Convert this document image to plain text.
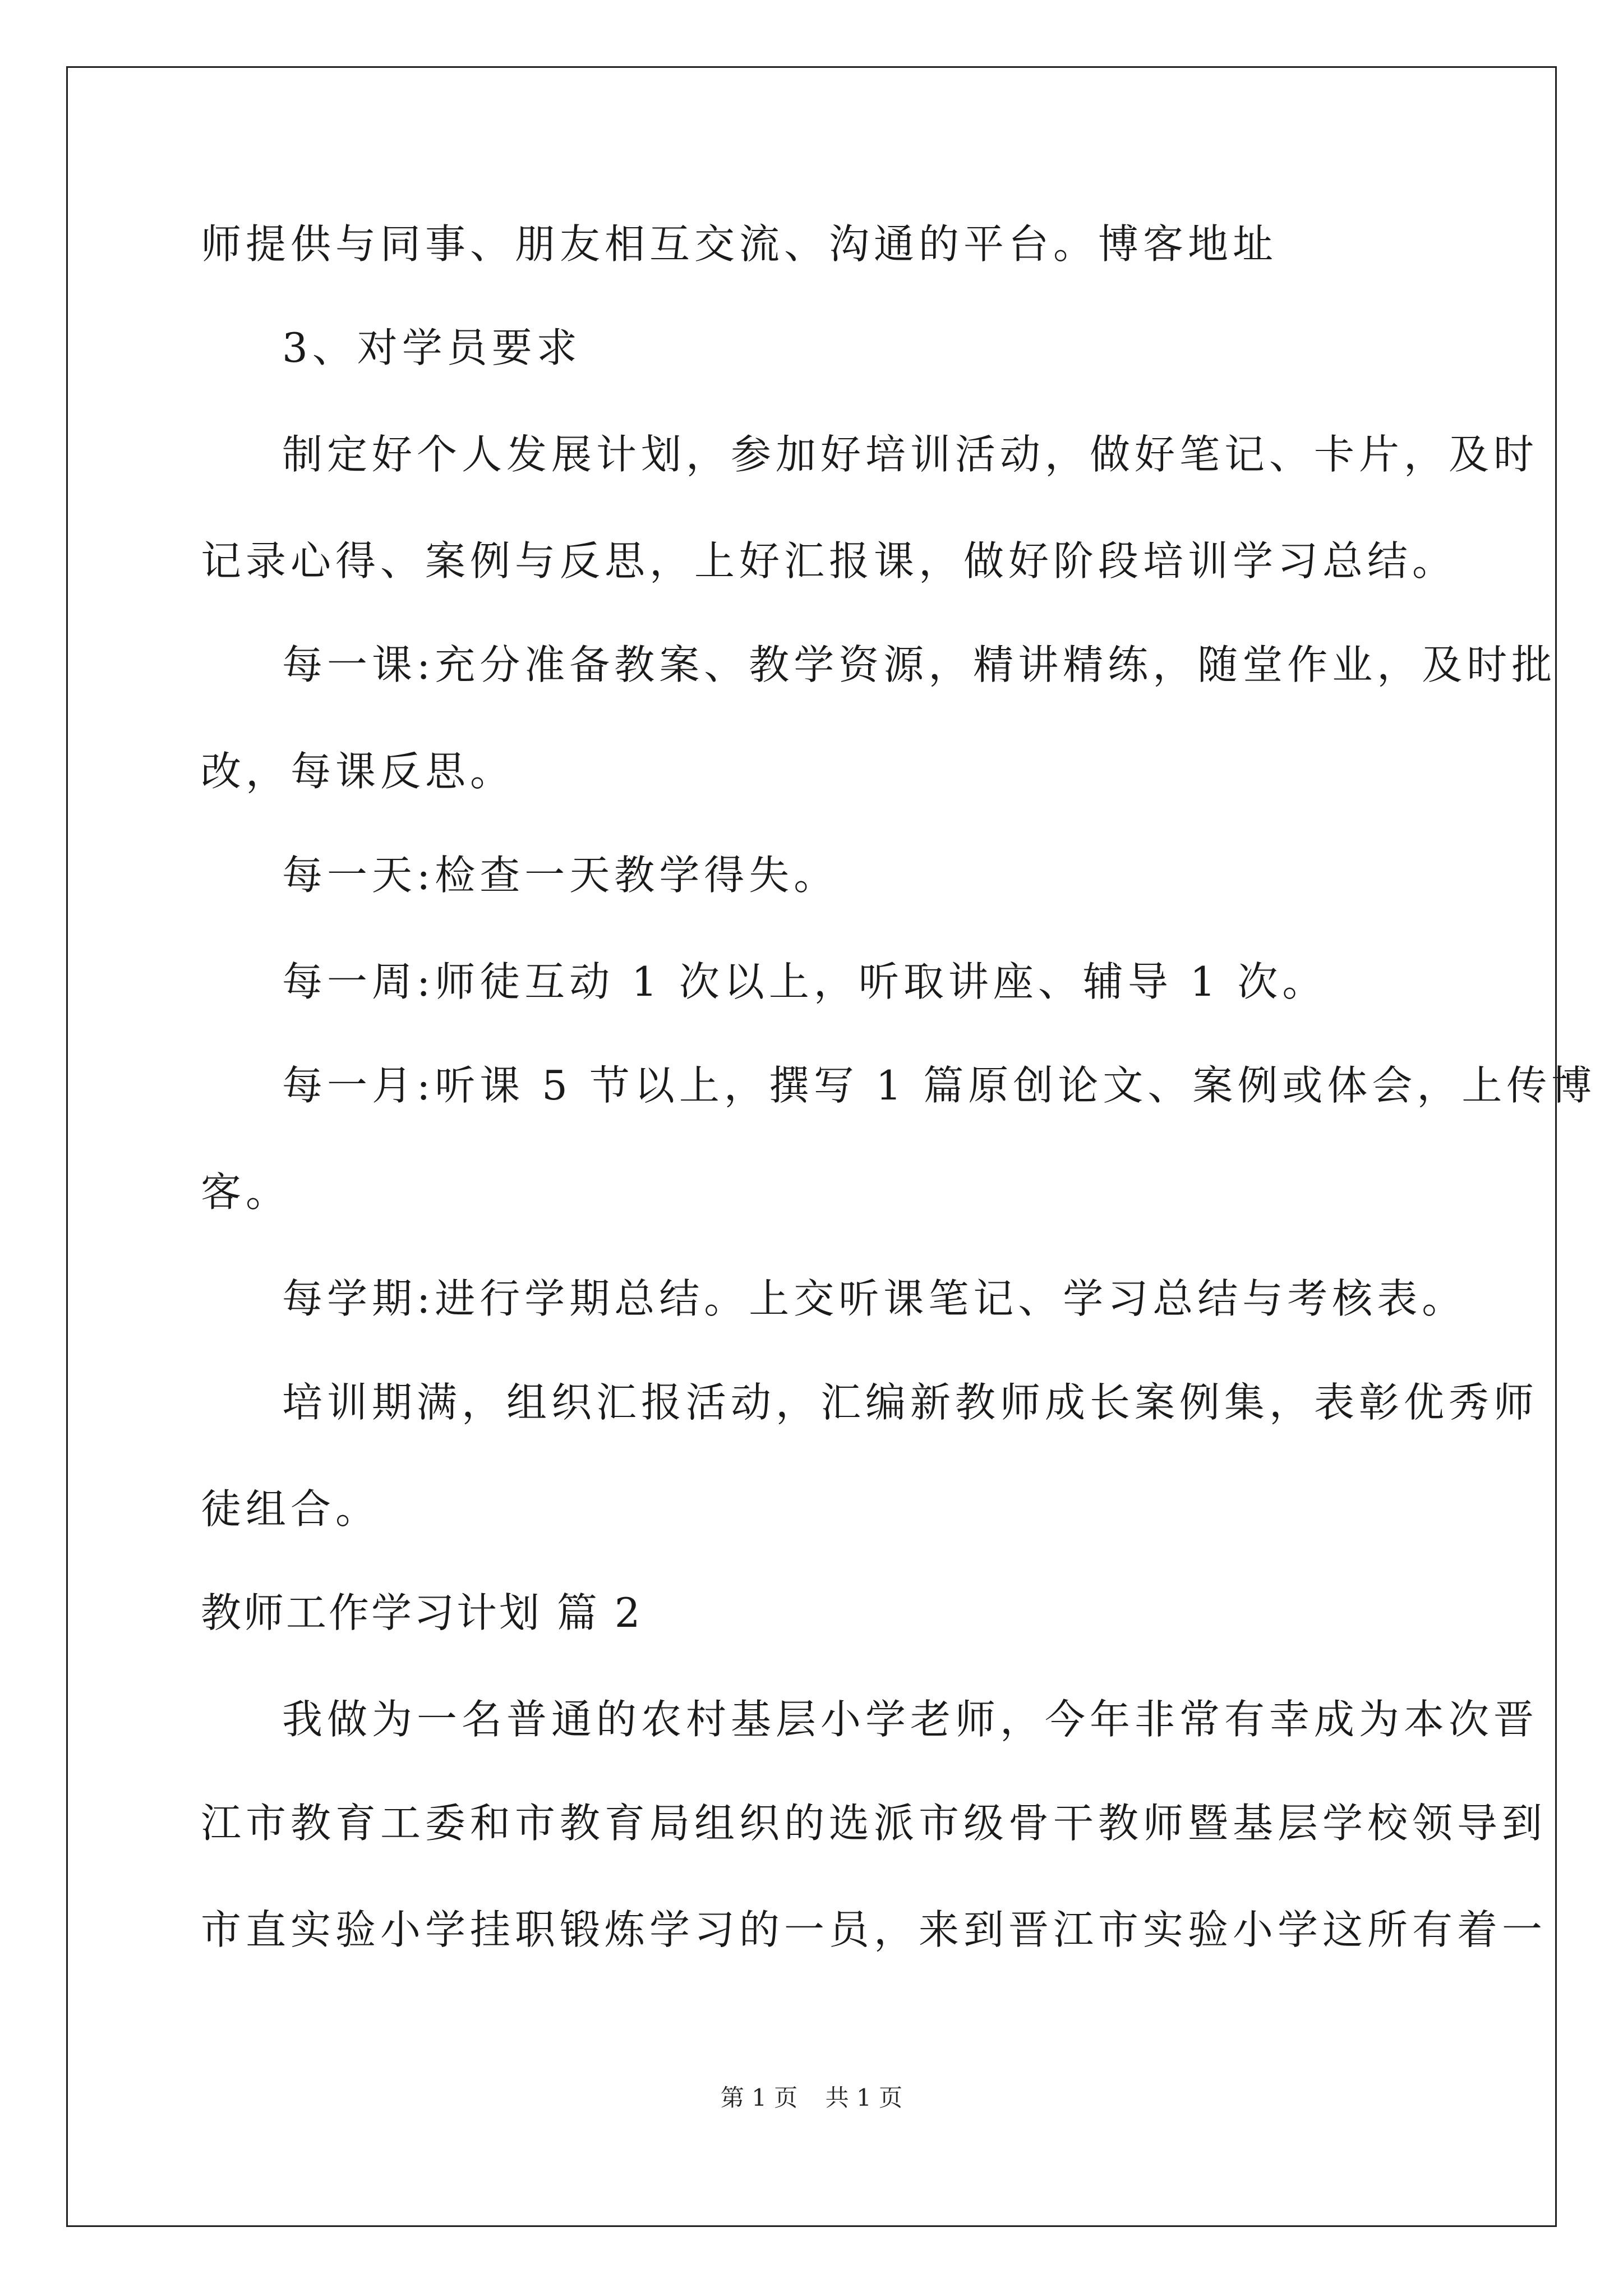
师提供与同事、朋友相互交流、沟通的平台。博客地址
3、对学员要求
制定好个人发展计划，参加好培训活动，做好笔记、卡片，及时
记录心得、案例与反思，上好汇报课，做好阶段培训学习总结。
每一课:充分准备教案、教学资源，精讲精练，随堂作业，及时批
改，每课反思。
每一天:检查一天教学得失。
每一周:师徒互动 1 次以上，听取讲座、辅导 1 次。
每一月:听课 5 节以上，撰写 1 篇原创论文、案例或体会，上传博
客。
每学期:进行学期总结。上交听课笔记、学习总结与考核表。
培训期满，组织汇报活动，汇编新教师成长案例集，表彰优秀师
徒组合。
教师工作学习计划 篇 2
我做为一名普通的农村基层小学老师，今年非常有幸成为本次晋
江市教育工委和市教育局组织的选派市级骨干教师暨基层学校领导到
市直实验小学挂职锻炼学习的一员，来到晋江市实验小学这所有着一
第 1 页 共 1 页
